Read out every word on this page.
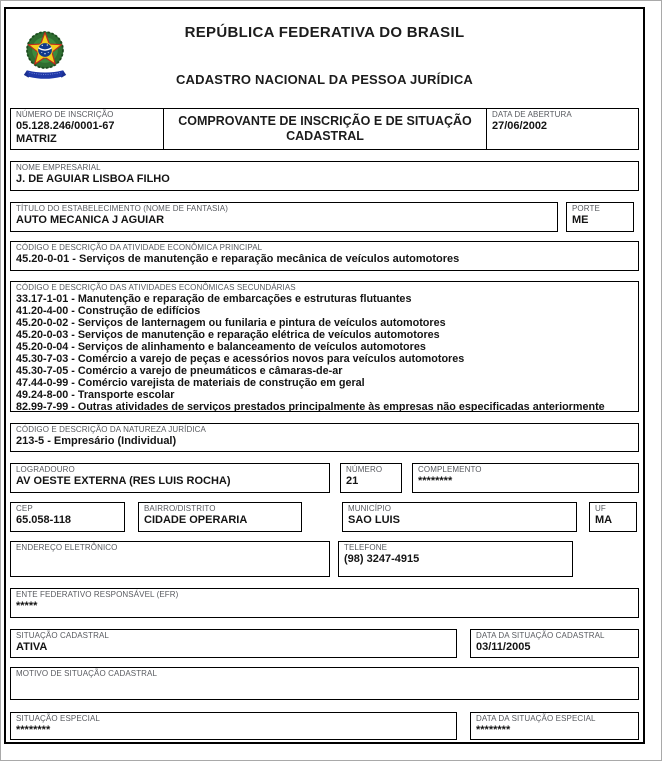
REPÚBLICA FEDERATIVA DO BRASIL
CADASTRO NACIONAL DA PESSOA JURÍDICA
NÚMERO DE INSCRIÇÃO
05.128.246/0001-67
MATRIZ
COMPROVANTE DE INSCRIÇÃO E DE SITUAÇÃO CADASTRAL
DATA DE ABERTURA
27/06/2002
NOME EMPRESARIAL
J. DE AGUIAR LISBOA FILHO
TÍTULO DO ESTABELECIMENTO (NOME DE FANTASIA)
AUTO MECANICA J AGUIAR
PORTE
ME
CÓDIGO E DESCRIÇÃO DA ATIVIDADE ECONÔMICA PRINCIPAL
45.20-0-01 - Serviços de manutenção e reparação mecânica de veículos automotores
CÓDIGO E DESCRIÇÃO DAS ATIVIDADES ECONÔMICAS SECUNDÁRIAS
33.17-1-01 - Manutenção e reparação de embarcações e estruturas flutuantes
41.20-4-00 - Construção de edifícios
45.20-0-02 - Serviços de lanternagem ou funilaria e pintura de veículos automotores
45.20-0-03 - Serviços de manutenção e reparação elétrica de veículos automotores
45.20-0-04 - Serviços de alinhamento e balanceamento de veículos automotores
45.30-7-03 - Comércio a varejo de peças e acessórios novos para veículos automotores
45.30-7-05 - Comércio a varejo de pneumáticos e câmaras-de-ar
47.44-0-99 - Comércio varejista de materiais de construção em geral
49.24-8-00 - Transporte escolar
82.99-7-99 - Outras atividades de serviços prestados principalmente às empresas não especificadas anteriormente
CÓDIGO E DESCRIÇÃO DA NATUREZA JURÍDICA
213-5 - Empresário (Individual)
LOGRADOURO
AV OESTE EXTERNA (RES LUIS ROCHA)
NÚMERO
21
COMPLEMENTO
********
CEP
65.058-118
BAIRRO/DISTRITO
CIDADE OPERARIA
MUNICÍPIO
SAO LUIS
UF
MA
ENDEREÇO ELETRÔNICO	TELEFONE
(98) 3247-4915
ENTE FEDERATIVO RESPONSÁVEL (EFR)
*****
SITUAÇÃO CADASTRAL
ATIVA
DATA DA SITUAÇÃO CADASTRAL
03/11/2005
MOTIVO DE SITUAÇÃO CADASTRAL
SITUAÇÃO ESPECIAL
********
DATA DA SITUAÇÃO ESPECIAL
********
